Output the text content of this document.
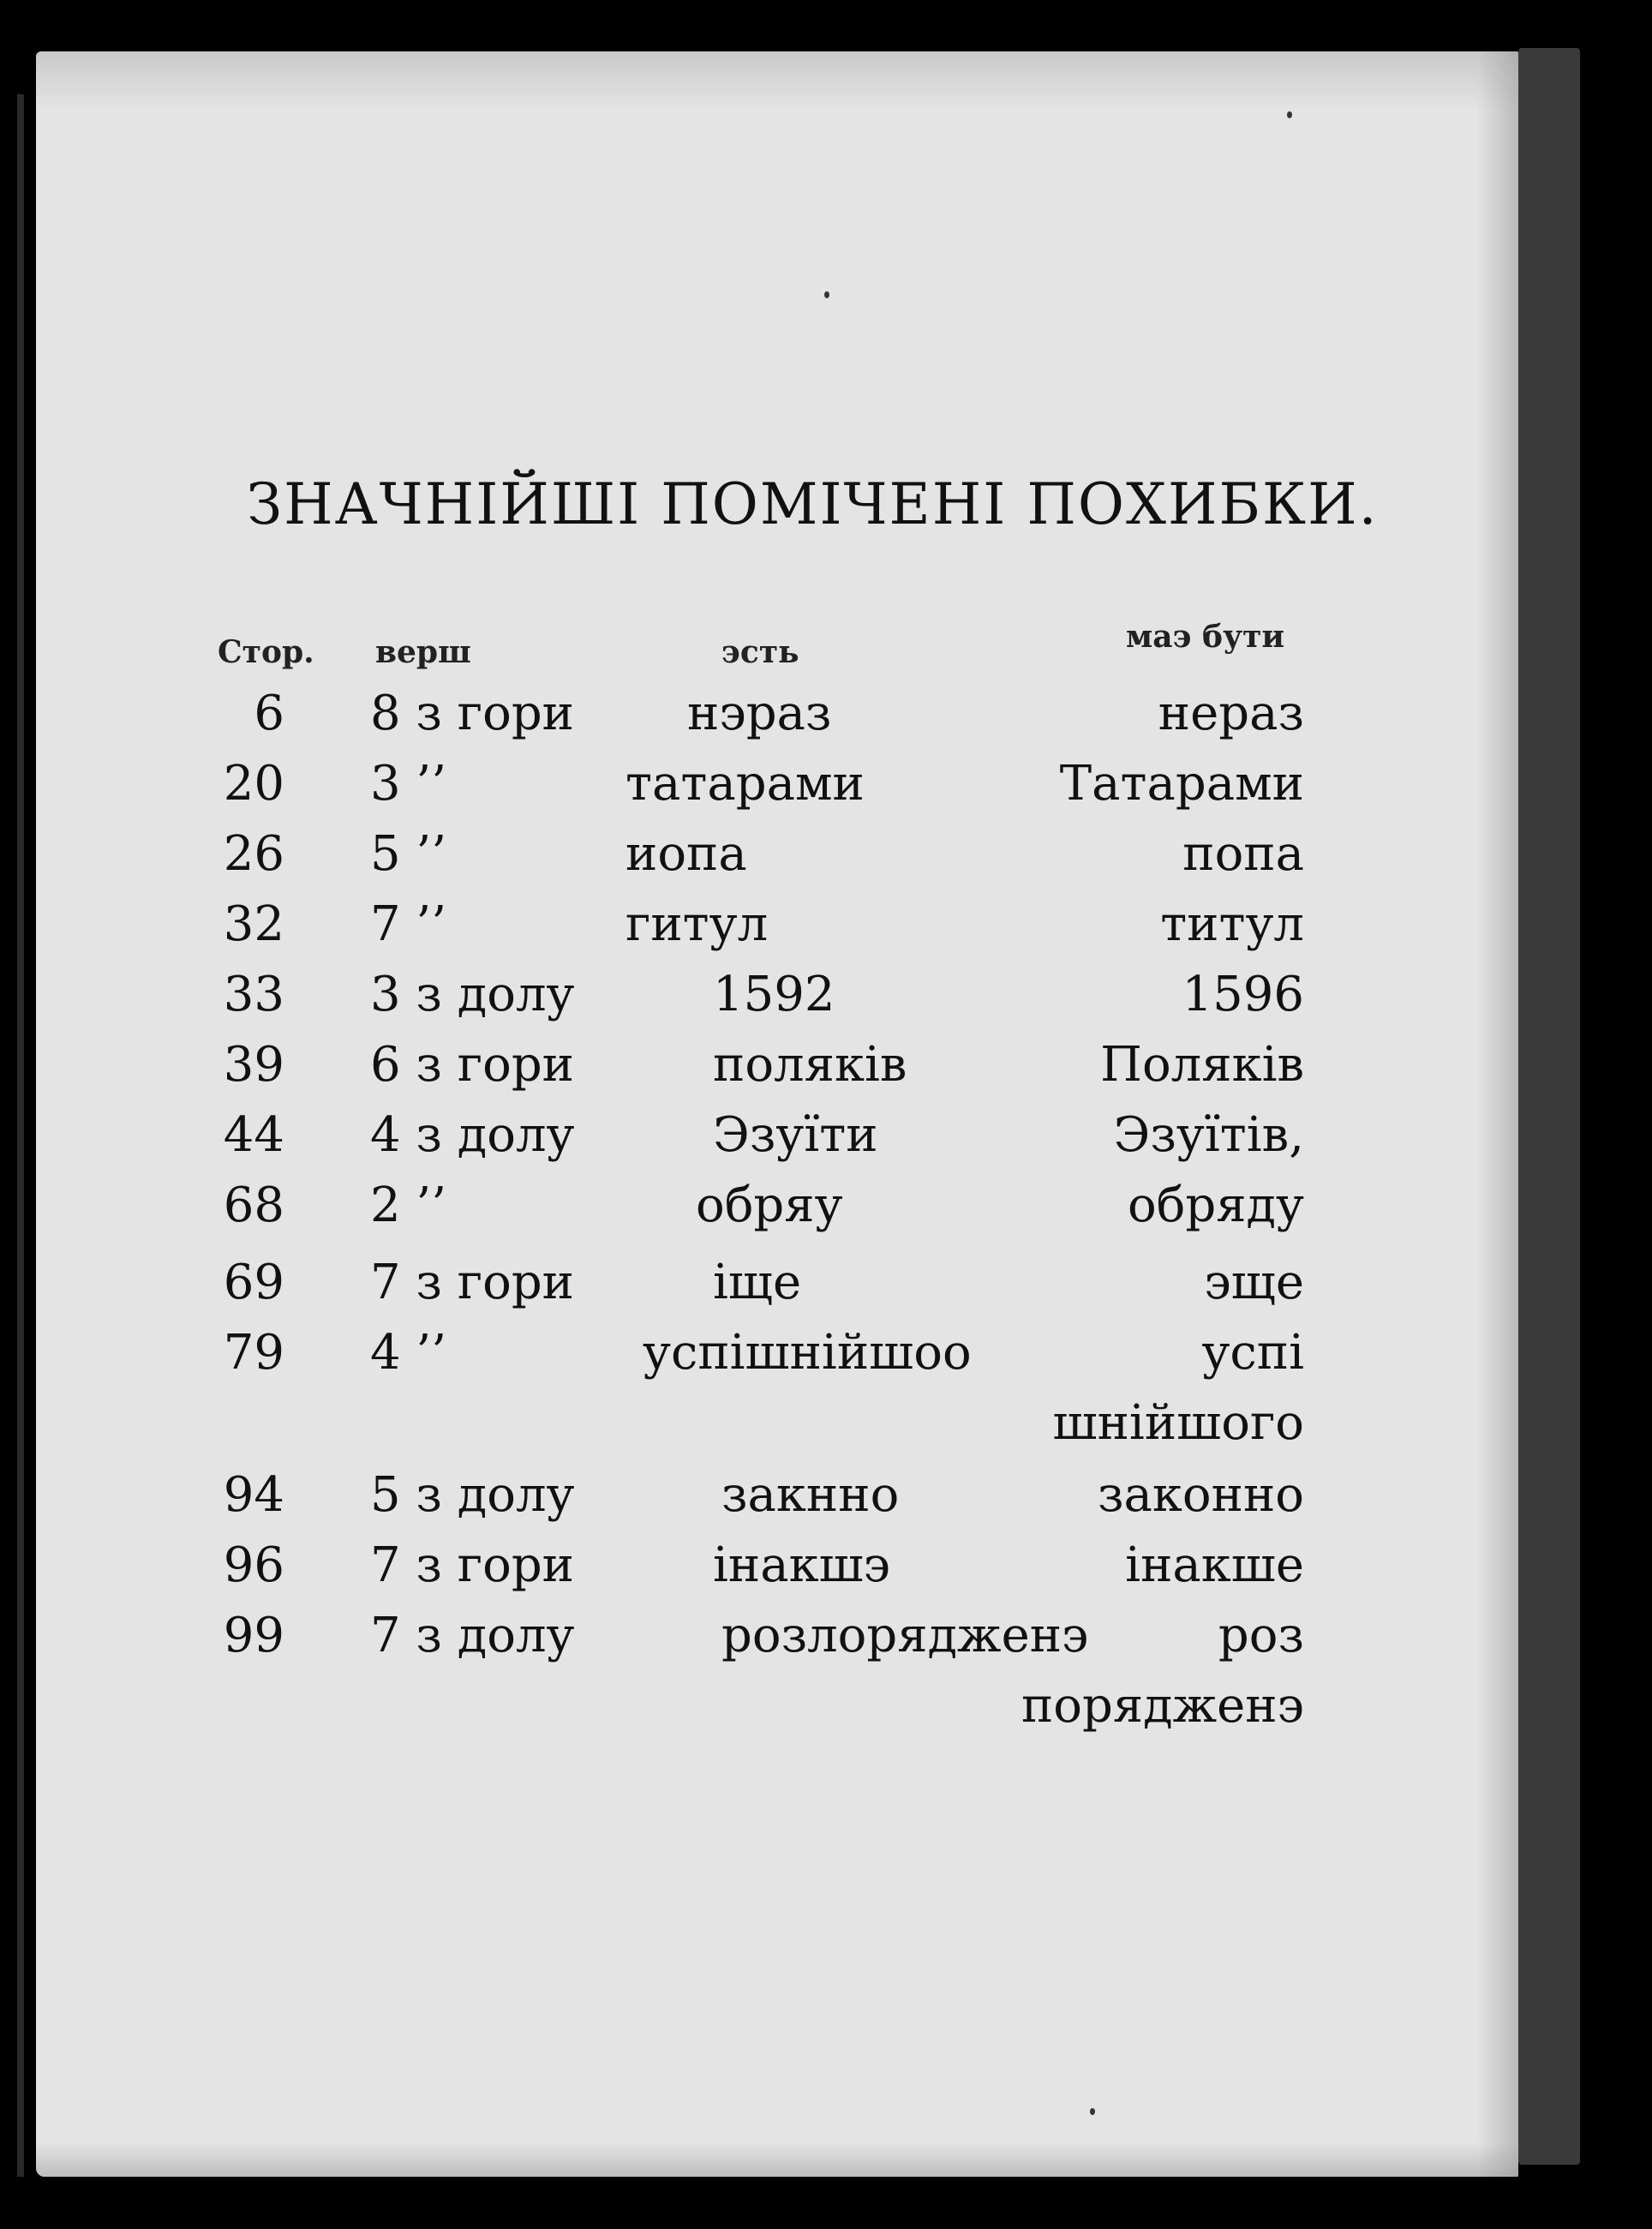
ЗНАЧНІЙШІ ПОМІЧЕНІ ПОХИБКИ.
Стор. верш	эсть	маэ бути
6 8 з гори нэраз	нераз
20 3 ’’	татарами	Татарами
26 5 ’’	иопа	попа
32 7 ’’	гитул	титул
33 3 з долу	1592	1596
39 6 з гори	поляків	Поляків
44 4 з долу	Эзуїти	Эзуїтів,
68 2 ’’	обряу	обряду
69 7 з гори	іще	эще
79 4 ’’	успішнійшоо	успі
шнійшого
94 5 з долу	закнно	законно
96 7 з гори	інакшэ	інакше
99 7 з долу	розлорядженэ	роз
порядженэ
